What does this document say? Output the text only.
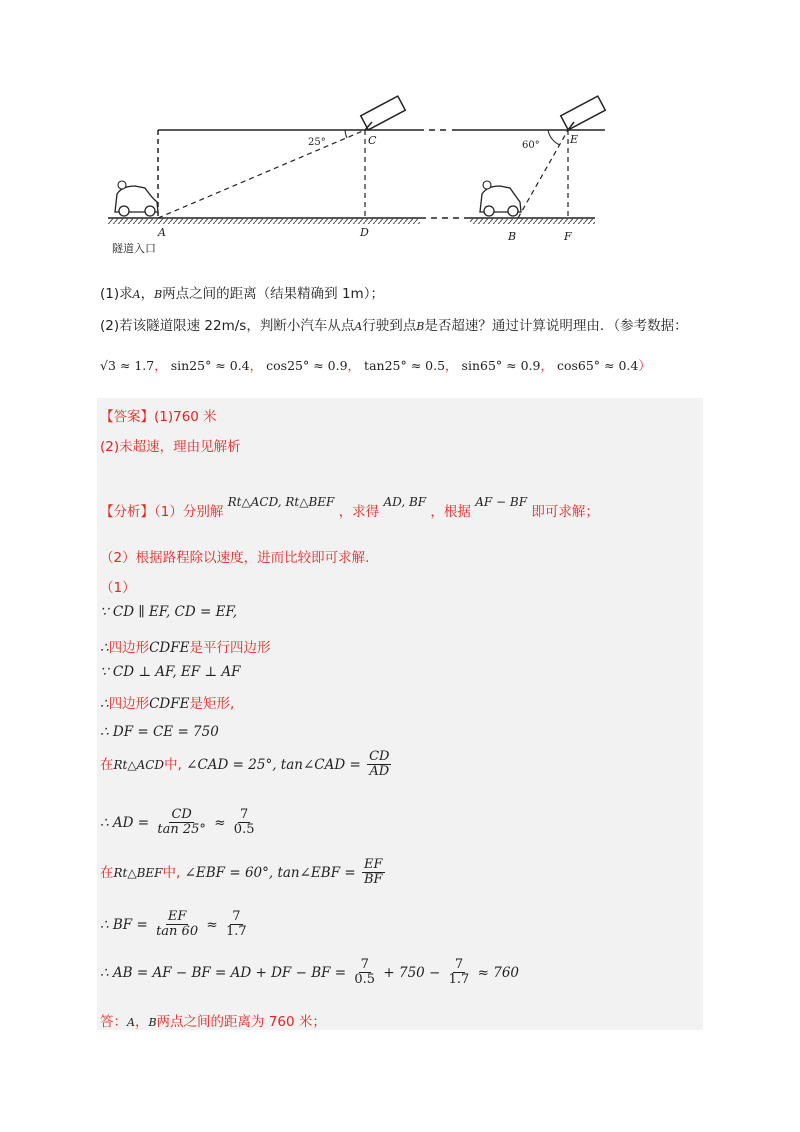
25°	60°
C	E
A	D	B	F
隧道入口
(1)求A，B两点之间的距离（结果精确到 1m）；
(2)若该隧道限速 22m/s，判断小汽车从点A行驶到点B是否超速？通过计算说明理由．（参考数据：
√3 ≈ 1.7， sin25° ≈ 0.4， cos25° ≈ 0.9， tan25° ≈ 0.5， sin65° ≈ 0.9， cos65° ≈ 0.4）
【答案】(1)760 米
(2)未超速，理由见解析
【分析】（1）分别解 Rt△ACD, Rt△BEF ，求得 AD, BF ，根据 AF − BF 即可求解；
（2）根据路程除以速度，进而比较即可求解．
（1）
∵ CD ∥ EF, CD = EF,
∴四边形CDFE是平行四边形
∵ CD ⊥ AF, EF ⊥ AF
∴四边形CDFE是矩形,
∴ DF = CE = 750
在Rt△ACD中, ∠CAD = 25°, tan∠CAD = $\frac{CD}{AD}$
∴ AD = $\frac{CD}{\tan 25^\circ} \approx \frac{7}{0.5}$
在Rt△BEF中, ∠EBF = 60°, tan∠EBF = $\frac{EF}{BF}$
∴ BF = $\frac{EF}{\tan 60} \approx \frac{7}{1.7}$
∴ AB = AF − BF = AD + DF − BF = $\frac{7}{0.5} + 750 - \frac{7}{1.7} \approx 760$
答：A，B两点之间的距离为 760 米；
